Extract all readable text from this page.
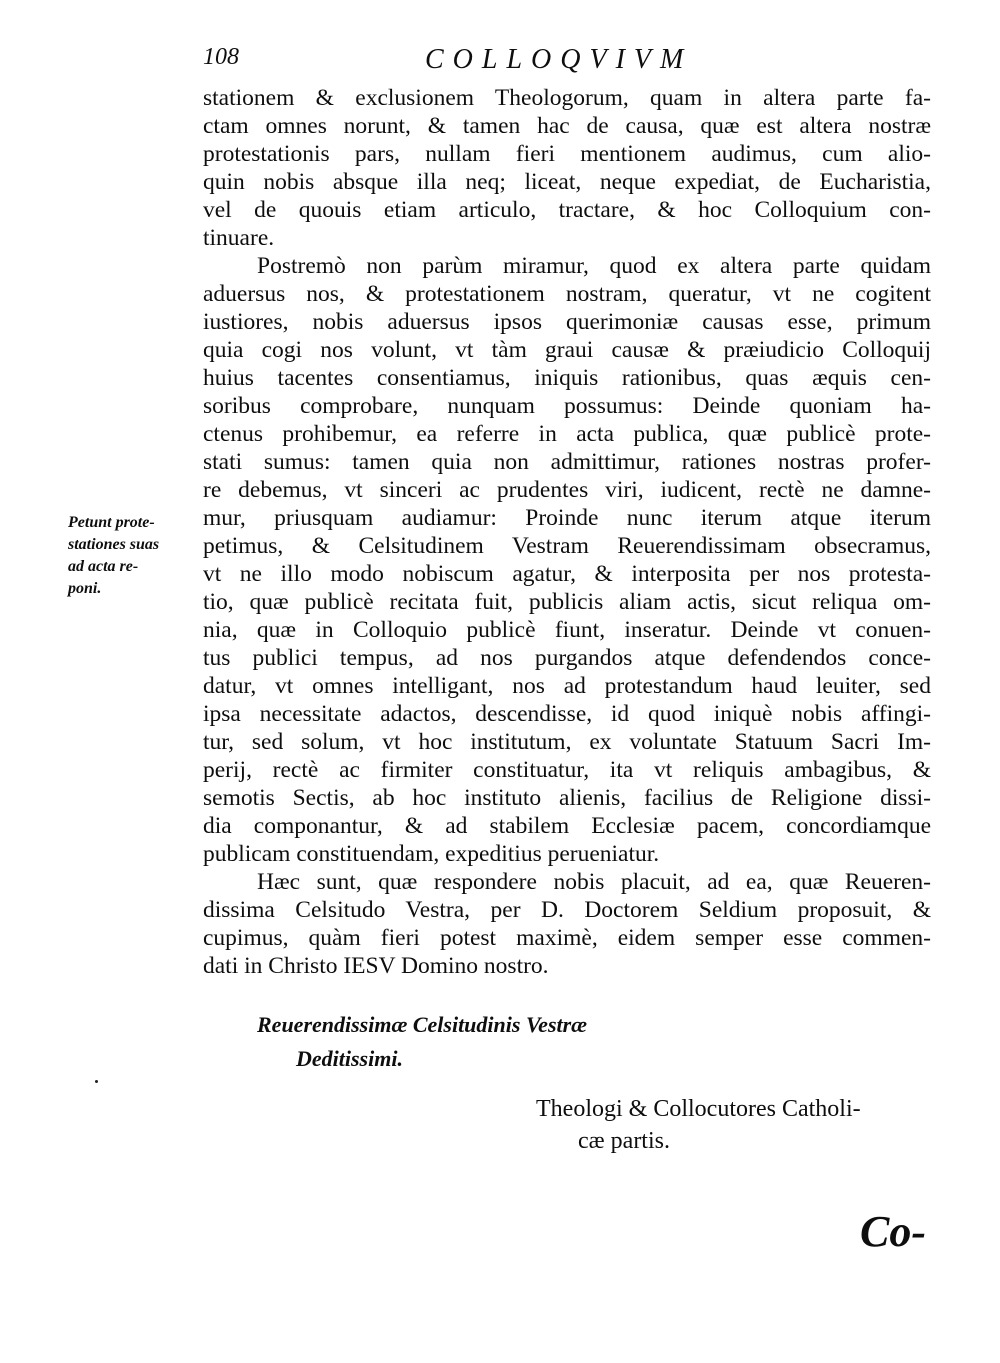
108	COLLOQVIVM
stationem & exclusionem Theologorum, quam in altera parte fa-
ctam omnes norunt, & tamen hac de causa, quæ est altera nostræ
protestationis pars, nullam fieri mentionem audimus, cum alio-
quin nobis absque illa neq; liceat, neque expediat, de Eucharistia,
vel de quouis etiam articulo, tractare, & hoc Colloquium con-
tinuare.
Postremò non parùm miramur, quod ex altera parte quidam
aduersus nos, & protestationem nostram, queratur, vt ne cogitent
iustiores, nobis aduersus ipsos querimoniæ causas esse, primum
quia cogi nos volunt, vt tàm graui causæ & præiudicio Colloquij
huius tacentes consentiamus, iniquis rationibus, quas æquis cen-
soribus comprobare, nunquam possumus: Deinde quoniam ha-
ctenus prohibemur, ea referre in acta publica, quæ publicè prote-
stati sumus: tamen quia non admittimur, rationes nostras profer-
re debemus, vt sinceri ac prudentes viri, iudicent, rectè ne damne-
mur, priusquam audiamur: Proinde nunc iterum atque iterum
petimus, & Celsitudinem Vestram Reuerendissimam obsecramus,
vt ne illo modo nobiscum agatur, & interposita per nos protesta-
tio, quæ publicè recitata fuit, publicis aliam actis, sicut reliqua om-
nia, quæ in Colloquio publicè fiunt, inseratur. Deinde vt conuen-
tus publici tempus, ad nos purgandos atque defendendos conce-
datur, vt omnes intelligant, nos ad protestandum haud leuiter, sed
ipsa necessitate adactos, descendisse, id quod iniquè nobis affingi-
tur, sed solum, vt hoc institutum, ex voluntate Statuum Sacri Im-
perij, rectè ac firmiter constituatur, ita vt reliquis ambagibus, &
semotis Sectis, ab hoc instituto alienis, facilius de Religione dissi-
dia componantur, & ad stabilem Ecclesiæ pacem, concordiamque
publicam constituendam, expeditius perueniatur.
Hæc sunt, quæ respondere nobis placuit, ad ea, quæ Reueren-
dissima Celsitudo Vestra, per D. Doctorem Seldium proposuit, &
cupimus, quàm fieri potest maximè, eidem semper esse commen-
dati in Christo IESV Domino nostro.
Petunt prote-
stationes suas
ad acta re-
poni.
Reuerendissimæ Celsitudinis Vestræ
Deditissimi.
Theologi & Collocutores Catholi-
cæ partis.
Co-
